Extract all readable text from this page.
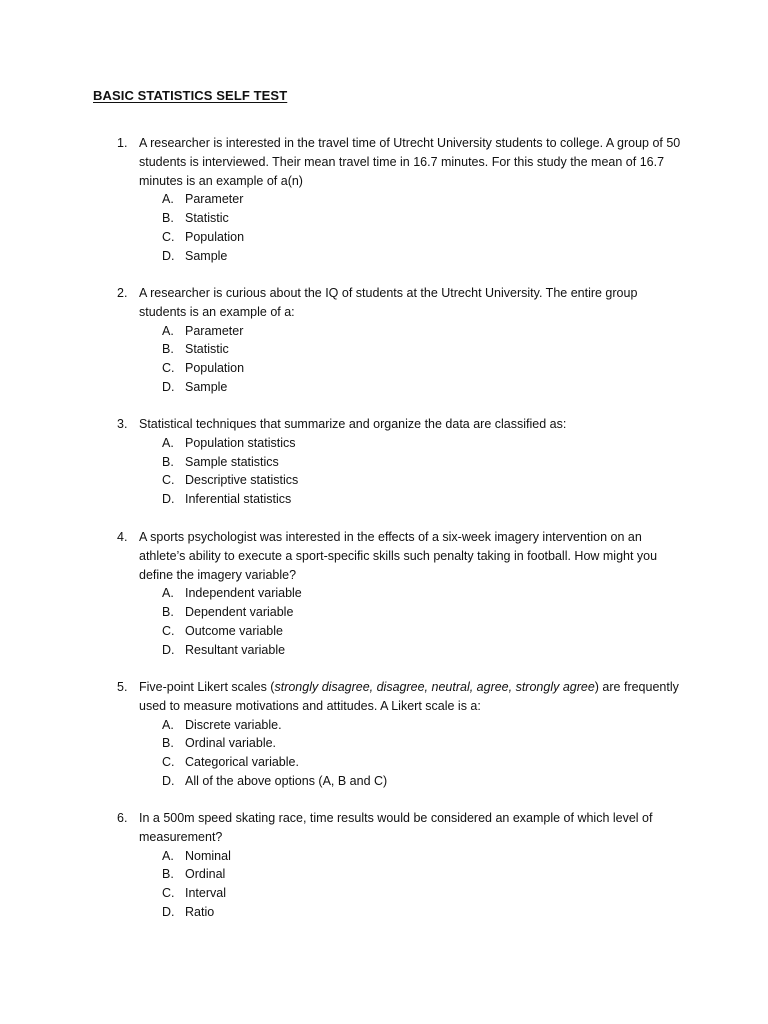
BASIC STATISTICS SELF TEST
1. A researcher is interested in the travel time of Utrecht University students to college. A group of 50 students is interviewed. Their mean travel time in 16.7 minutes. For this study the mean of 16.7 minutes is an example of a(n)
A. Parameter
B. Statistic
C. Population
D. Sample
2. A researcher is curious about the IQ of students at the Utrecht University. The entire group students is an example of a:
A. Parameter
B. Statistic
C. Population
D. Sample
3. Statistical techniques that summarize and organize the data are classified as:
A. Population statistics
B. Sample statistics
C. Descriptive statistics
D. Inferential statistics
4. A sports psychologist was interested in the effects of a six-week imagery intervention on an athlete’s ability to execute a sport-specific skills such penalty taking in football. How might you define the imagery variable?
A. Independent variable
B. Dependent variable
C. Outcome variable
D. Resultant variable
5. Five-point Likert scales (strongly disagree, disagree, neutral, agree, strongly agree) are frequently used to measure motivations and attitudes. A Likert scale is a:
A. Discrete variable.
B. Ordinal variable.
C. Categorical variable.
D. All of the above options (A, B and C)
6. In a 500m speed skating race, time results would be considered an example of which level of measurement?
A. Nominal
B. Ordinal
C. Interval
D. Ratio
